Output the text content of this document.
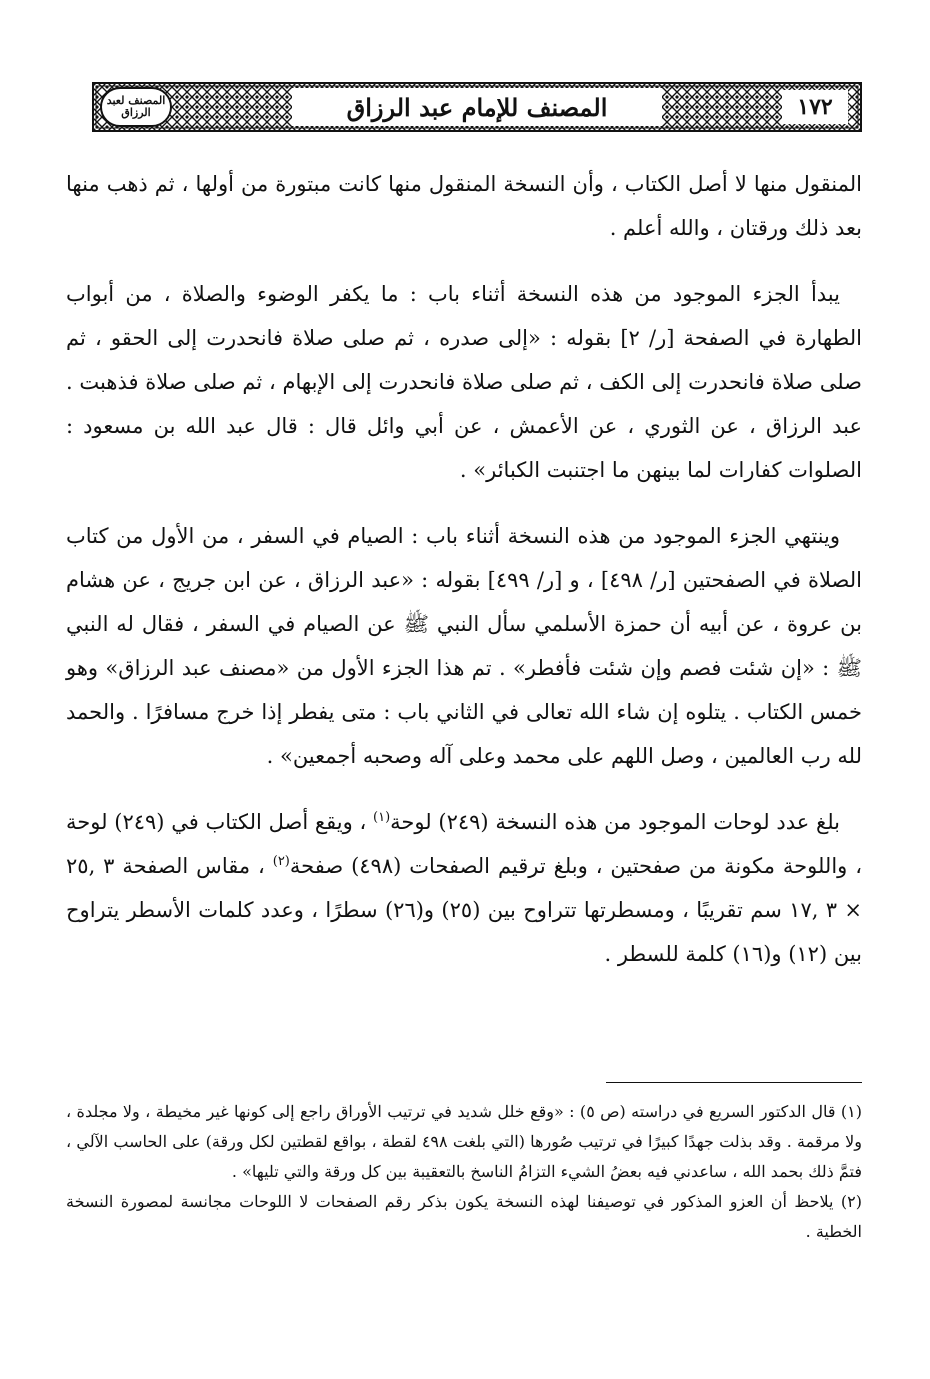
المصنف لعبد الرزاق	المصنف للإمام عبد الرزاق	١٧٢

المنقول منها لا أصل الكتاب ، وأن النسخة المنقول منها كانت مبتورة من أولها ، ثم ذهب منها بعد ذلك ورقتان ، والله أعلم .

يبدأ الجزء الموجود من هذه النسخة أثناء باب : ما يكفر الوضوء والصلاة ، من أبواب الطهارة في الصفحة [ر/ ٢] بقوله : «إلى صدره ، ثم صلى صلاة فانحدرت إلى الحقو ، ثم صلى صلاة فانحدرت إلى الكف ، ثم صلى صلاة فانحدرت إلى الإبهام ، ثم صلى صلاة فذهبت . عبد الرزاق ، عن الثوري ، عن الأعمش ، عن أبي وائل قال : قال عبد الله بن مسعود : الصلوات كفارات لما بينهن ما اجتنبت الكبائر» .

وينتهي الجزء الموجود من هذه النسخة أثناء باب : الصيام في السفر ، من الأول من كتاب الصلاة في الصفحتين [ر/ ٤٩٨] ، و [ر/ ٤٩٩] بقوله : «عبد الرزاق ، عن ابن جريج ، عن هشام بن عروة ، عن أبيه أن حمزة الأسلمي سأل النبي ﷺ عن الصيام في السفر ، فقال له النبي ﷺ : «إن شئت فصم وإن شئت فأفطر» . تم هذا الجزء الأول من «مصنف عبد الرزاق» وهو خمس الكتاب . يتلوه إن شاء الله تعالى في الثاني باب : متى يفطر إذا خرج مسافرًا . والحمد لله رب العالمين ، وصل اللهم على محمد وعلى آله وصحبه أجمعين» .

بلغ عدد لوحات الموجود من هذه النسخة (٢٤٩) لوحة$^{(١)}$ ، ويقع أصل الكتاب في (٢٤٩) لوحة ، واللوحة مكونة من صفحتين ، وبلغ ترقيم الصفحات (٤٩٨) صفحة$^{(٢)}$ ، مقاس الصفحة ٣ ,٢٥ × ٣ ,١٧ سم تقريبًا ، ومسطرتها تتراوح بين (٢٥) و(٢٦) سطرًا ، وعدد كلمات الأسطر يتراوح بين (١٢) و(١٦) كلمة للسطر .

(١) قال الدكتور السريع في دراسته (ص ٥) : «وقع خلل شديد في ترتيب الأوراق راجع إلى كونها غير مخيطة ، ولا مجلدة ، ولا مرقمة . وقد بذلت جهدًا كبيرًا في ترتيب صُورها (التي بلغت ٤٩٨ لقطة ، بواقع لقطتين لكل ورقة) على الحاسب الآلي ، فتمَّ ذلك بحمد الله ، ساعدني فيه بعضُ الشيء التزامُ الناسخ بالتعقيبة بين كل ورقة والتي تليها» .

(٢) يلاحظ أن العزو المذكور في توصيفنا لهذه النسخة يكون بذكر رقم الصفحات لا اللوحات مجانسة لمصورة النسخة الخطية .
